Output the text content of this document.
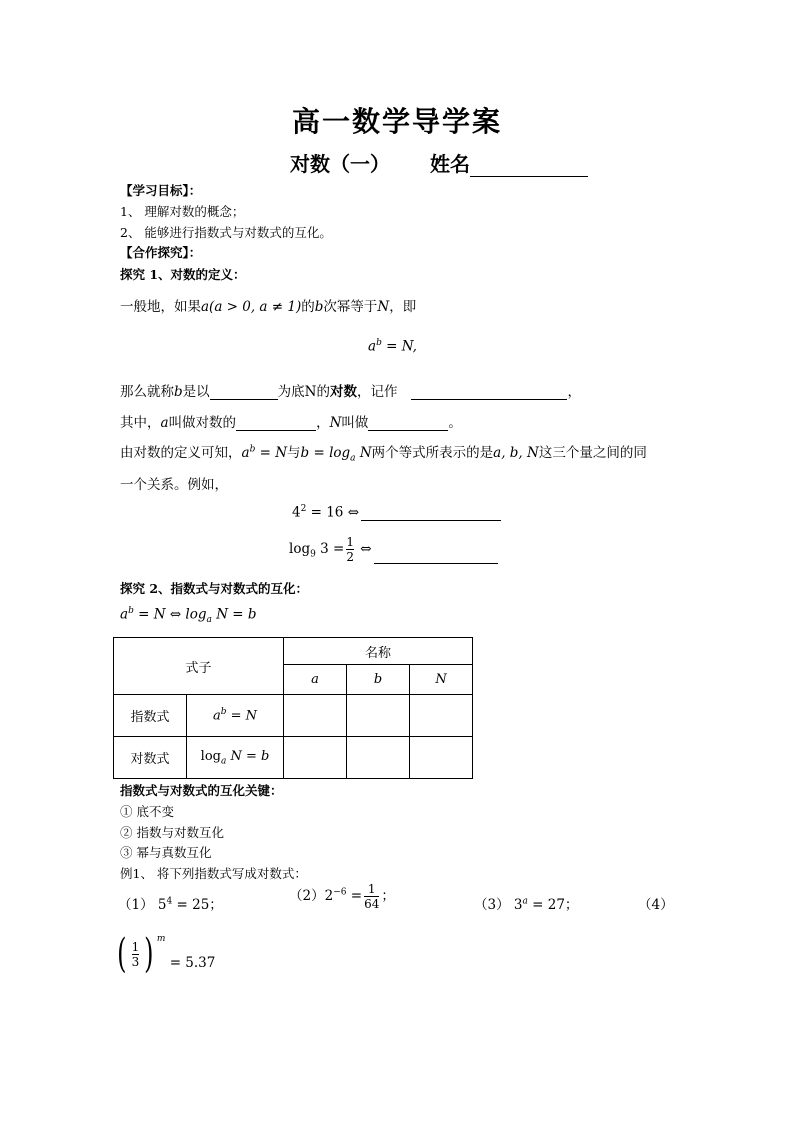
高一数学导学案
对数（一） 姓名
【学习目标】：
1、 理解对数的概念；
2、 能够进行指数式与对数式的互化。
【合作探究】：
探究 1、对数的定义：
一般地，如果a(a > 0, a ≠ 1)的b次幂等于N，即
$a^b = N$,
那么就称b是以	为底N的对数，记作	，
其中，a叫做对数的	，N叫做	。
由对数的定义可知，$a^b = N$与$b = \log_a N$两个等式所表示的是a, b, N这三个量之间的同
一个关系。例如，
$4^2 = 16$ ⇔
$\log_9 3 = \frac{1}{2}$ ⇔
探究 2、指数式与对数式的互化：
$a^b = N$ ⇔ $\log_a N = b$
式子		名称		
		a	b	N
指数式	$a^b = N$			
对数式	$\log_a N = b$			
指数式与对数式的互化关键：
① 底不变
② 指数与对数互化
③ 幂与真数互化
例1、 将下列指数式写成对数式：
（1） $5^4 = 25$；
$(2)2^{-6} = \frac{1}{64}$ ；
（3） $3^a = 27$；	（4）
( $\frac{1}{3}$ ) $^m$ = 5.37
